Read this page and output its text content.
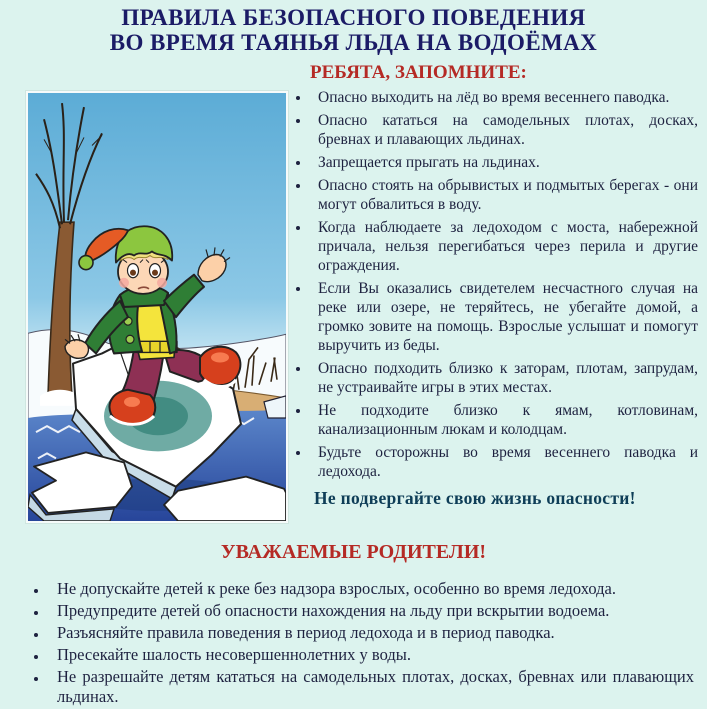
ПРАВИЛА БЕЗОПАСНОГО ПОВЕДЕНИЯ
ВО ВРЕМЯ ТАЯНЬЯ ЛЬДА НА ВОДОЁМАХ
РЕБЯТА, ЗАПОМНИТЕ:
• Опасно выходить на лёд во время весеннего паводка.
• Опасно кататься на самодельных плотах, досках, бревнах и плавающих льдинах.
• Запрещается прыгать на льдинах.
• Опасно стоять на обрывистых и подмытых берегах - они могут обвалиться в воду.
• Когда наблюдаете за ледоходом с моста, набережной причала, нельзя перегибаться через перила и другие ограждения.
• Если Вы оказались свидетелем несчастного случая на реке или озере, не теряйтесь, не убегайте домой, а громко зовите на помощь. Взрослые услышат и помогут выручить из беды.
• Опасно подходить близко к заторам, плотам, запрудам, не устраивайте игры в этих местах.
• Не подходите близко к ямам, котловинам, канализационным люкам и колодцам.
• Будьте осторожны во время весеннего паводка и ледохода.
Не подвергайте свою жизнь опасности!
УВАЖАЕМЫЕ РОДИТЕЛИ!
• Не допускайте детей к реке без надзора взрослых, особенно во время ледохода.
• Предупредите детей об опасности нахождения на льду при вскрытии водоема.
• Разъясняйте правила поведения в период ледохода и в период паводка.
• Пресекайте шалость несовершеннолетних у воды.
• Не разрешайте детям кататься на самодельных плотах, досках, бревнах или плавающих льдинах.
